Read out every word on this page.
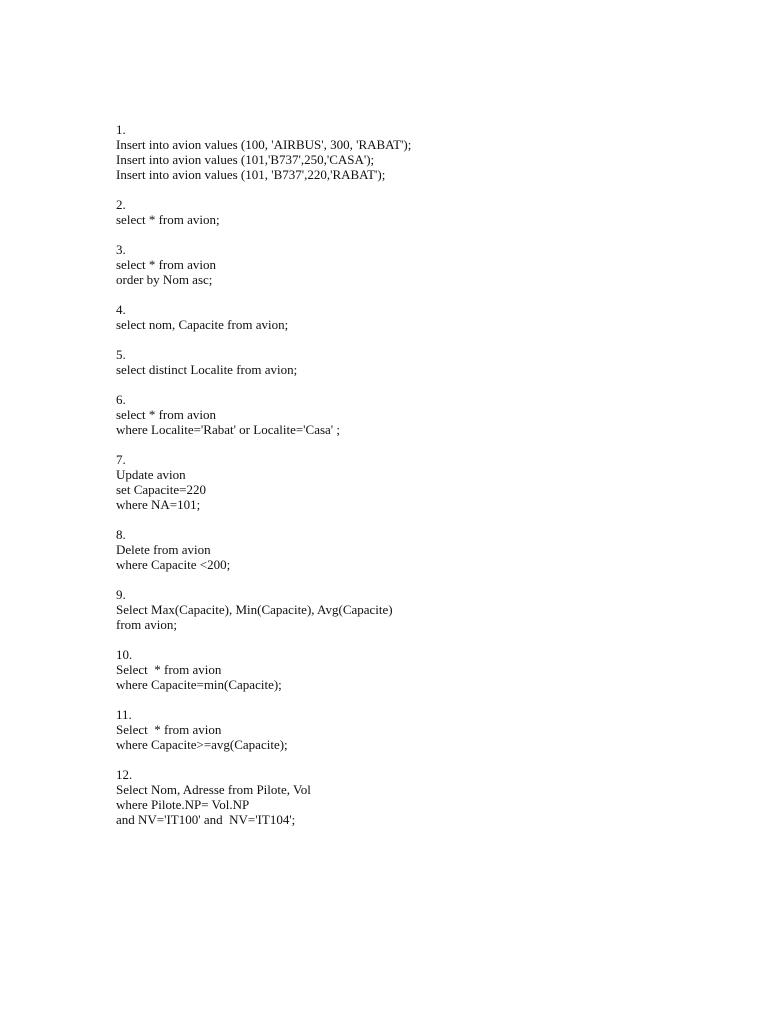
1.
Insert into avion values (100, 'AIRBUS', 300, 'RABAT');
Insert into avion values (101,'B737',250,'CASA');
Insert into avion values (101, 'B737',220,'RABAT');
2.
select * from avion;
3.
select * from avion
order by Nom asc;
4.
select nom, Capacite from avion;
5.
select distinct Localite from avion;
6.
select * from avion
where Localite='Rabat' or Localite='Casa' ;
7.
Update avion
set Capacite=220
where NA=101;
8.
Delete from avion
where Capacite <200;
9.
Select Max(Capacite), Min(Capacite), Avg(Capacite)
from avion;
10.
Select  * from avion
where Capacite=min(Capacite);
11.
Select  * from avion
where Capacite>=avg(Capacite);
12.
Select Nom, Adresse from Pilote, Vol
where Pilote.NP= Vol.NP
and NV='IT100' and  NV='IT104';
